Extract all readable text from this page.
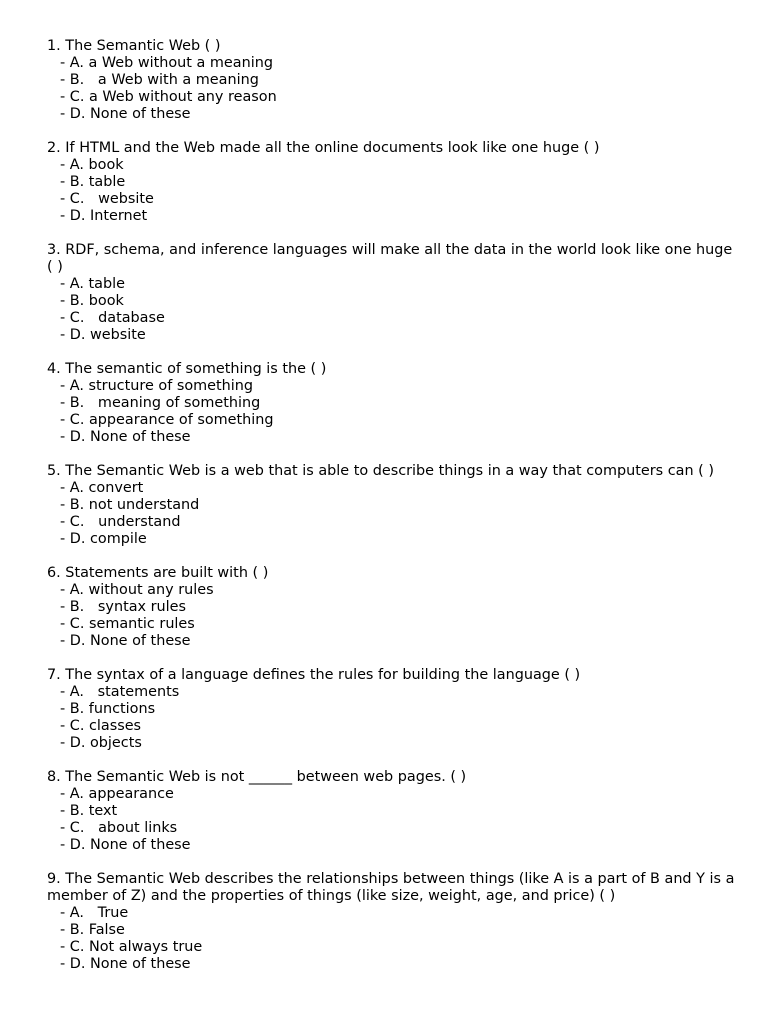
1. The Semantic Web ( )

- A. a Web without a meaning
- B.   a Web with a meaning
- C. a Web without any reason
- D. None of these

2. If HTML and the Web made all the online documents look like one huge ( )

- A. book
- B. table
- C.   website
- D. Internet

3. RDF, schema, and inference languages will make all the data in the world look like one huge ( )

- A. table
- B. book
- C.   database
- D. website

4. The semantic of something is the ( )

- A. structure of something
- B.   meaning of something
- C. appearance of something
- D. None of these

5. The Semantic Web is a web that is able to describe things in a way that computers can ( )

- A. convert
- B. not understand
- C.   understand
- D. compile

6. Statements are built with ( )

- A. without any rules
- B.   syntax rules
- C. semantic rules
- D. None of these

7. The syntax of a language defines the rules for building the language ( )

- A.   statements
- B. functions
- C. classes
- D. objects

8. The Semantic Web is not ______ between web pages. ( )

- A. appearance
- B. text
- C.   about links
- D. None of these

9. The Semantic Web describes the relationships between things (like A is a part of B and Y is a member of Z) and the properties of things (like size, weight, age, and price) ( )

- A.   True
- B. False
- C. Not always true
- D. None of these
